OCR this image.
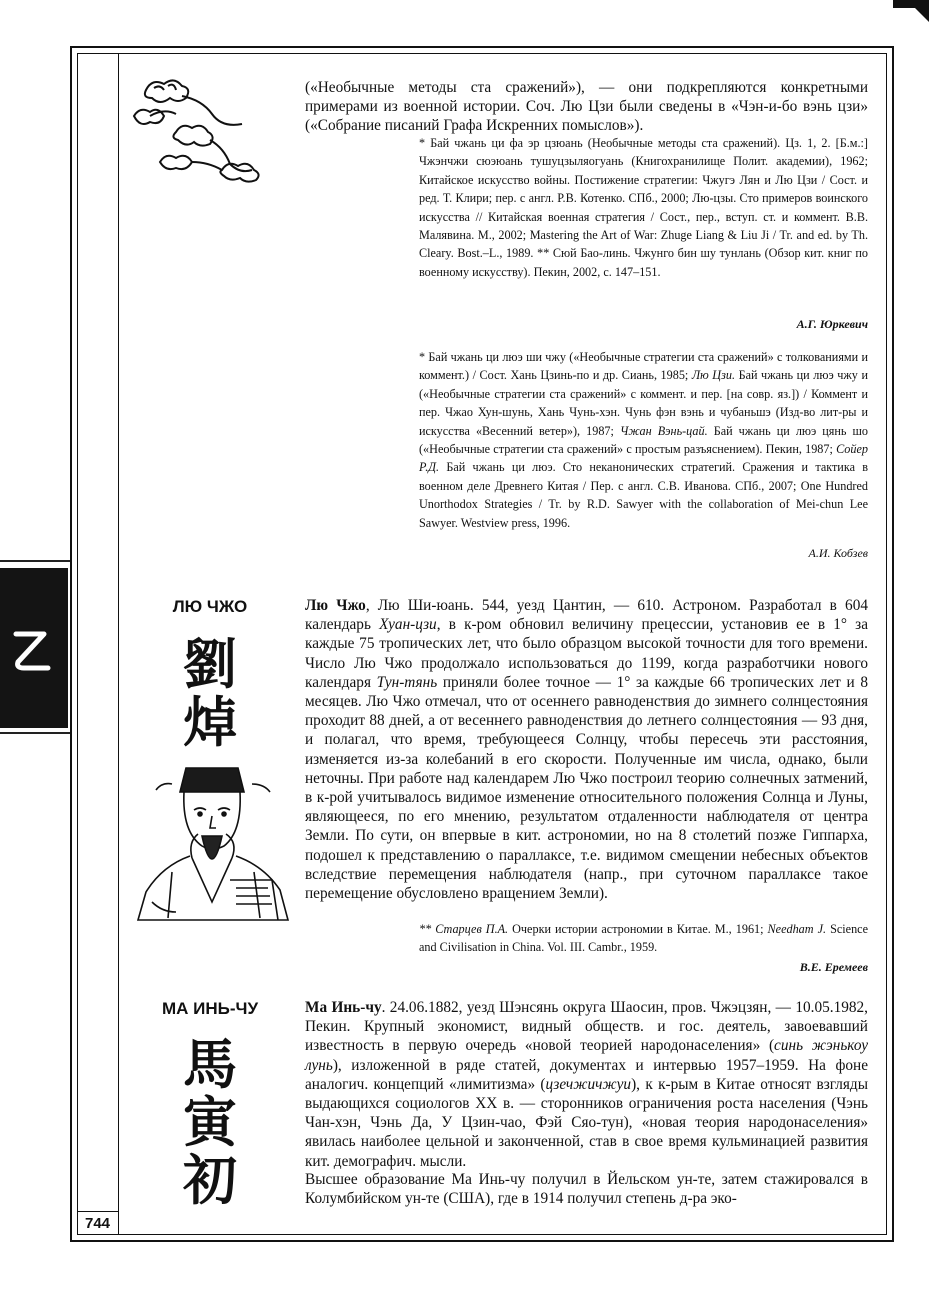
744

(«Необычные методы ста сражений»), — они подкрепляются конкретными примерами из военной истории. Соч. Лю Цзи были сведены в «Чэн-и-бо вэнь цзи» («Собрание писаний Графа Искренних помыслов»).

* Бай чжань ци фа эр цзюань (Необычные методы ста сражений). Цз. 1, 2. [Б.м.:] Чжэнчжи сюэюань тушуцзыляогуань (Книгохранилище Полит. академии), 1962; Китайское искусство войны. Постижение стратегии: Чжугэ Лян и Лю Цзи / Сост. и ред. Т. Клири; пер. с англ. Р.В. Котенко. СПб., 2000; Лю-цзы. Сто примеров воинского искусства // Китайская военная стратегия / Сост., пер., вступ. ст. и коммент. В.В. Малявина. М., 2002; Mastering the Art of War: Zhuge Liang & Liu Ji / Tr. and ed. by Th. Cleary. Bost.–L., 1989. ** Сюй Бао-линь. Чжунго бин шу тунлань (Обзор кит. книг по военному искусству). Пекин, 2002, с. 147–151.

А.Г. Юркевич

* Бай чжань ци люэ ши чжу («Необычные стратегии ста сражений» с толкованиями и коммент.) / Сост. Хань Цзинь-по и др. Сиань, 1985; Лю Цзи. Бай чжань ци люэ чжу и («Необычные стратегии ста сражений» с коммент. и пер. [на совр. яз.]) / Коммент и пер. Чжао Хун-шунь, Хань Чунь-хэн. Чунь фэн вэнь и чубаньшэ (Изд-во лит-ры и искусства «Весенний ветер»), 1987; Чжан Вэнь-цай. Бай чжань ци люэ цянь шо («Необычные стратегии ста сражений» с простым разъяснением). Пекин, 1987; Сойер Р.Д. Бай чжань ци люэ. Сто неканонических стратегий. Сражения и тактика в военном деле Древнего Китая / Пер. с англ. С.В. Иванова. СПб., 2007; One Hundred Unorthodox Strategies / Tr. by R.D. Sawyer with the collaboration of Mei-chun Lee Sawyer. Westview press, 1996.

А.И. Кобзев
ЛЮ ЧЖО
劉
焯

Лю Чжо, Лю Ши-юань. 544, уезд Цантин, — 610. Астроном. Разработал в 604 календарь Хуан-цзи, в к-ром обновил величину прецессии, установив ее в 1° за каждые 75 тропических лет, что было образцом высокой точности для того времени. Число Лю Чжо продолжало использоваться до 1199, когда разработчики нового календаря Тун-тянь приняли более точное — 1° за каждые 66 тропических лет и 8 месяцев. Лю Чжо отмечал, что от осеннего равноденствия до зимнего солнцестояния проходит 88 дней, а от весеннего равноденствия до летнего солнцестояния — 93 дня, и полагал, что время, требующееся Солнцу, чтобы пересечь эти расстояния, изменяется из-за колебаний в его скорости. Полученные им числа, однако, были неточны. При работе над календарем Лю Чжо построил теорию солнечных затмений, в к-рой учитывалось видимое изменение относительного положения Солнца и Луны, являющееся, по его мнению, результатом отдаленности наблюдателя от центра Земли. По сути, он впервые в кит. астрономии, но на 8 столетий позже Гиппарха, подошел к представлению о параллаксе, т.е. видимом смещении небесных объектов вследствие перемещения наблюдателя (напр., при суточном параллаксе такое перемещение обусловлено вращением Земли).

** Старцев П.А. Очерки истории астрономии в Китае. М., 1961; Needham J. Science and Civilisation in China. Vol. III. Cambr., 1959.

В.Е. Еремеев
МА ИНЬ-ЧУ
馬
寅
初

Ма Инь-чу. 24.06.1882, уезд Шэнсянь округа Шаосин, пров. Чжэцзян, — 10.05.1982, Пекин. Крупный экономист, видный обществ. и гос. деятель, завоевавший известность в первую очередь «новой теорией народонаселения» (синь жэнькоу лунь), изложенной в ряде статей, документах и интервью 1957–1959. На фоне аналогич. концепций «лимитизма» (цзечжичжуи), к к-рым в Китае относят взгляды выдающихся социологов XX в. — сторонников ограничения роста населения (Чэнь Чан-хэн, Чэнь Да, У Цзин-чао, Фэй Сяо-тун), «новая теория народонаселения» явилась наиболее цельной и законченной, став в свое время кульминацией развития кит. демографич. мысли.

Высшее образование Ма Инь-чу получил в Йельском ун-те, затем стажировался в Колумбийском ун-те (США), где в 1914 получил степень д-ра эко-
